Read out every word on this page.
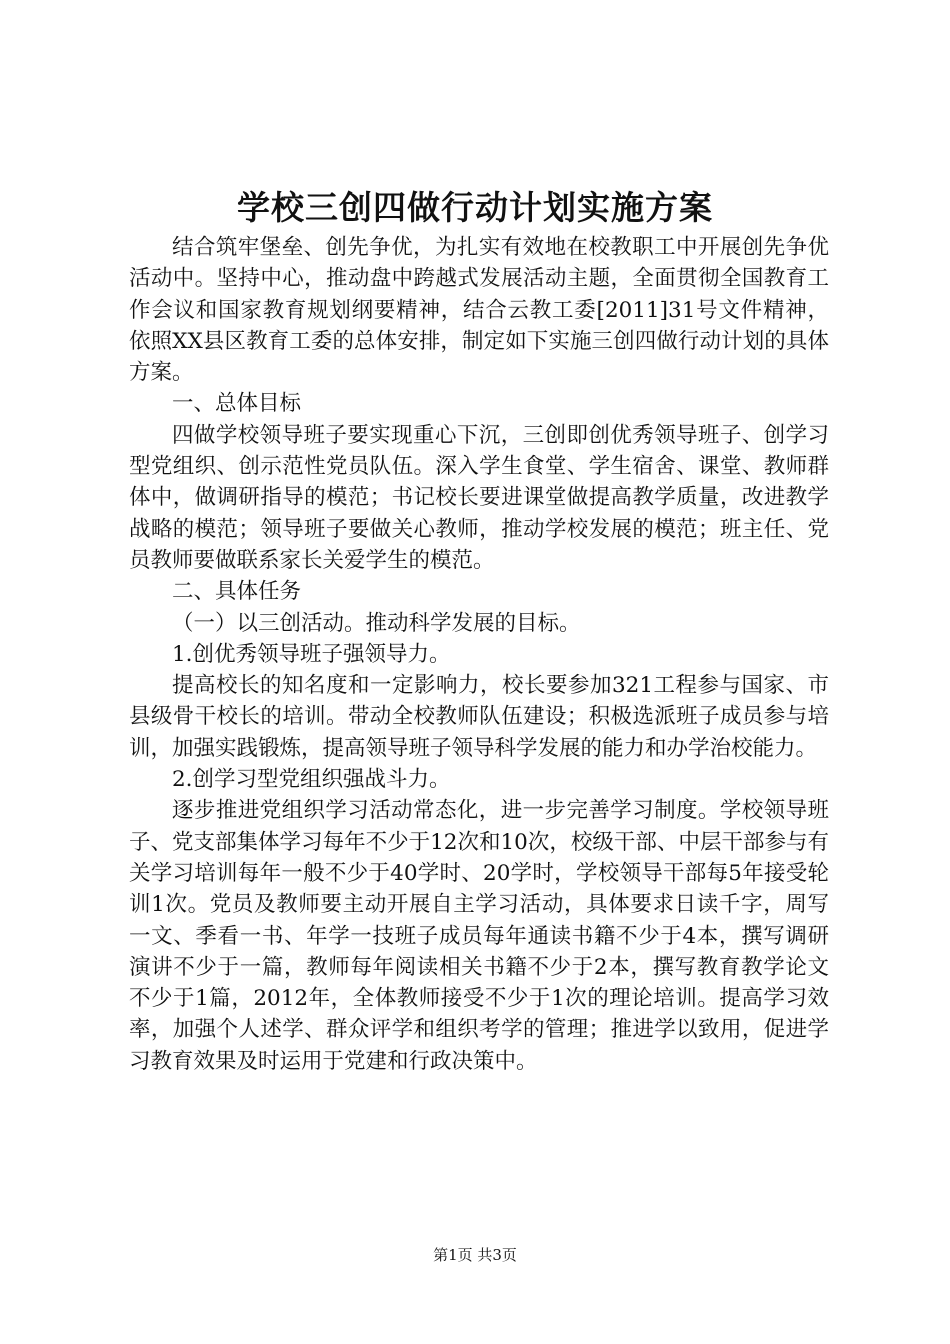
学校三创四做行动计划实施方案

结合筑牢堡垒、创先争优，为扎实有效地在校教职工中开展创先争优活动中。坚持中心，推动盘中跨越式发展活动主题，全面贯彻全国教育工作会议和国家教育规划纲要精神，结合云教工委[2011]31号文件精神，依照XX县区教育工委的总体安排，制定如下实施三创四做行动计划的具体方案。

一、总体目标

四做学校领导班子要实现重心下沉，三创即创优秀领导班子、创学习型党组织、创示范性党员队伍。深入学生食堂、学生宿舍、课堂、教师群体中，做调研指导的模范；书记校长要进课堂做提高教学质量，改进教学战略的模范；领导班子要做关心教师，推动学校发展的模范；班主任、党员教师要做联系家长关爱学生的模范。

二、具体任务

（一）以三创活动。推动科学发展的目标。

1.创优秀领导班子强领导力。

提高校长的知名度和一定影响力，校长要参加321工程参与国家、市县级骨干校长的培训。带动全校教师队伍建设；积极选派班子成员参与培训，加强实践锻炼，提高领导班子领导科学发展的能力和办学治校能力。

2.创学习型党组织强战斗力。

逐步推进党组织学习活动常态化，进一步完善学习制度。学校领导班子、党支部集体学习每年不少于12次和10次，校级干部、中层干部参与有关学习培训每年一般不少于40学时、20学时，学校领导干部每5年接受轮训1次。党员及教师要主动开展自主学习活动，具体要求日读千字，周写一文、季看一书、年学一技班子成员每年通读书籍不少于4本，撰写调研演讲不少于一篇，教师每年阅读相关书籍不少于2本，撰写教育教学论文不少于1篇，2012年，全体教师接受不少于1次的理论培训。提高学习效率，加强个人述学、群众评学和组织考学的管理；推进学以致用，促进学习教育效果及时运用于党建和行政决策中。

第1页 共3页
